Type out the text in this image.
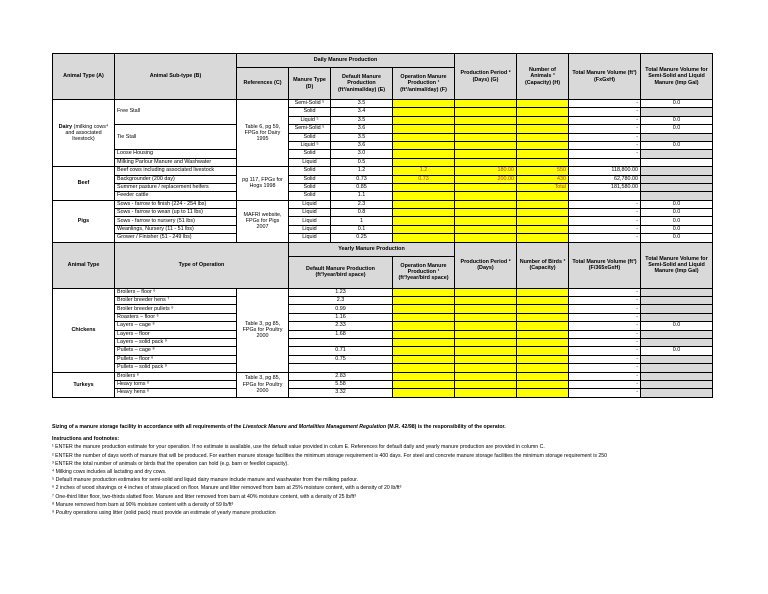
Animal Type (A)	Animal Sub-type (B)	Daily Manure Production				Production Period ² (Days) (G)	Number of Animals ³ (Capacity) (H)	Total Manure Volume (ft³) (FxGxH)	Total Manure Volume for Semi-Solid and Liquid Manure (Imp Gal)
		References (C)	Manure Type (D)	Default Manure Production (ft³/animal/day) (E)	Operation Manure Production ¹ (ft³/animal/day) (F)				
Dairy (milking cows⁴ and associated livestock)	Free Stall	Table 6, pg 59, FPGs for Dairy 1995	Semi-Solid ⁵	3.5				-	0.0
			Solid	3.4				-	
			Liquid ⁵	3.5				-	0.0
	Tie Stall		Semi-Solid ⁵	3.6				-	0.0
			Solid	3.5				-	
			Liquid ⁵	3.6				-	0.0
	Loose Housing		Solid	3.0				-	
	Milking Parlour Manure and Washwater		Liquid	0.5					
Beef	Beef cows including associated livestock	pg 117, FPGs for Hogs 1998	Solid	1.2	1.2	180.00	550	118,800.00	
	Backgrounder (200 day)		Solid	0.73	0.73	200.00	430	62,780.00	
	Summer pasture / replacement heifers		Solid	0.85			Total	181,580.00	
	Feeder cattle		Solid	1.1					
Pigs	Sows - farrow to finish (224 - 254 lbs)	MAFRI website, FPGs for Pigs 2007	Liquid	2.3				-	0.0
	Sows - farrow to wean (up to 11 lbs)		Liquid	0.8				-	0.0
	Sows - farrow to nursery (51 lbs)		Liquid	1				-	0.0
	Weanlings, Nursery (11 - 51 lbs)		Liquid	0.1				-	0.0
	Grower / Finisher (51 - 249 lbs)		Liquid	0.25				-	0.0
Animal Type	Type of Operation		Yearly Manure Production			Production Period ² (Days)	Number of Birds ³ (Capacity)	Total Manure Volume (ft³) (F/365xGxH)	Total Manure Volume for Semi-Solid and Liquid Manure (Imp Gal)
			Default Manure Production (ft³/year/bird space)		Operation Manure Production ¹ (ft³/year/bird space)				
Chickens	Broilers – floor ⁶	Table 3, pg 85, FPGs for Poultry 2000	1.23					-	
	Broiler breeder hens ⁷		2.3					-	
	Broiler breeder pullets ⁶		0.99					-	
	Roasters – floor ⁶		1.16					-	
	Layers – cage ⁸		2.33					-	0.0
	Layers – floor		1.68					-	
	Layers – solid pack ⁹							-	
	Pullets – cage ⁸		0.71					-	0.0
	Pullets – floor ⁶		0.75					-	
	Pullets – solid pack ⁹							-	
Turkeys	Broilers ⁶	Table 3, pg 85, FPGs for Poultry 2000	2.83					-	
	Heavy toms ⁶		5.58					-	
	Heavy hens ⁶		3.32					-	
Sizing of a manure storage facility in accordance with all requirements of the Livestock Manure and Mortalities Management Regulation (M.R. 42/98) is the responsibility of the operator.
Instructions and footnotes:
¹ ENTER the manure production estimate for your operation. If no estimate is available, use the default value provided in colum E. References for default daily and yearly manure production are provided in column C.
² ENTER the number of days worth of manure that will be produced. For earthen manure storage facilities the minimum storage requirement is 400 days. For steel and concrete manure storage facilities the minimum storage requirement is 250
³ ENTER the total number of animals or birds that the operation can hold (e.g. barn or feedlot capacity).
⁴ Milking cows includes all lactating and dry cows.
⁵ Default manure production estimates for semi-solid and liquid dairy manure include manure and washwater from the milking parlour.
⁶ 2 inches of wood shavings or 4 inches of straw placed on floor. Manure and litter removed from barn at 25% moisture content, with a density of 20 lb/ft³
⁷ One-third litter floor, two-thirds slatted floor. Manure and litter removed from barn at 40% moisture content, with a density of 25 lb/ft³
⁸ Manure removed from barn at 90% moisture content with a density of 59 lb/ft³
⁹ Poultry operations using litter (solid pack) must provide an estimate of yearly manure production
